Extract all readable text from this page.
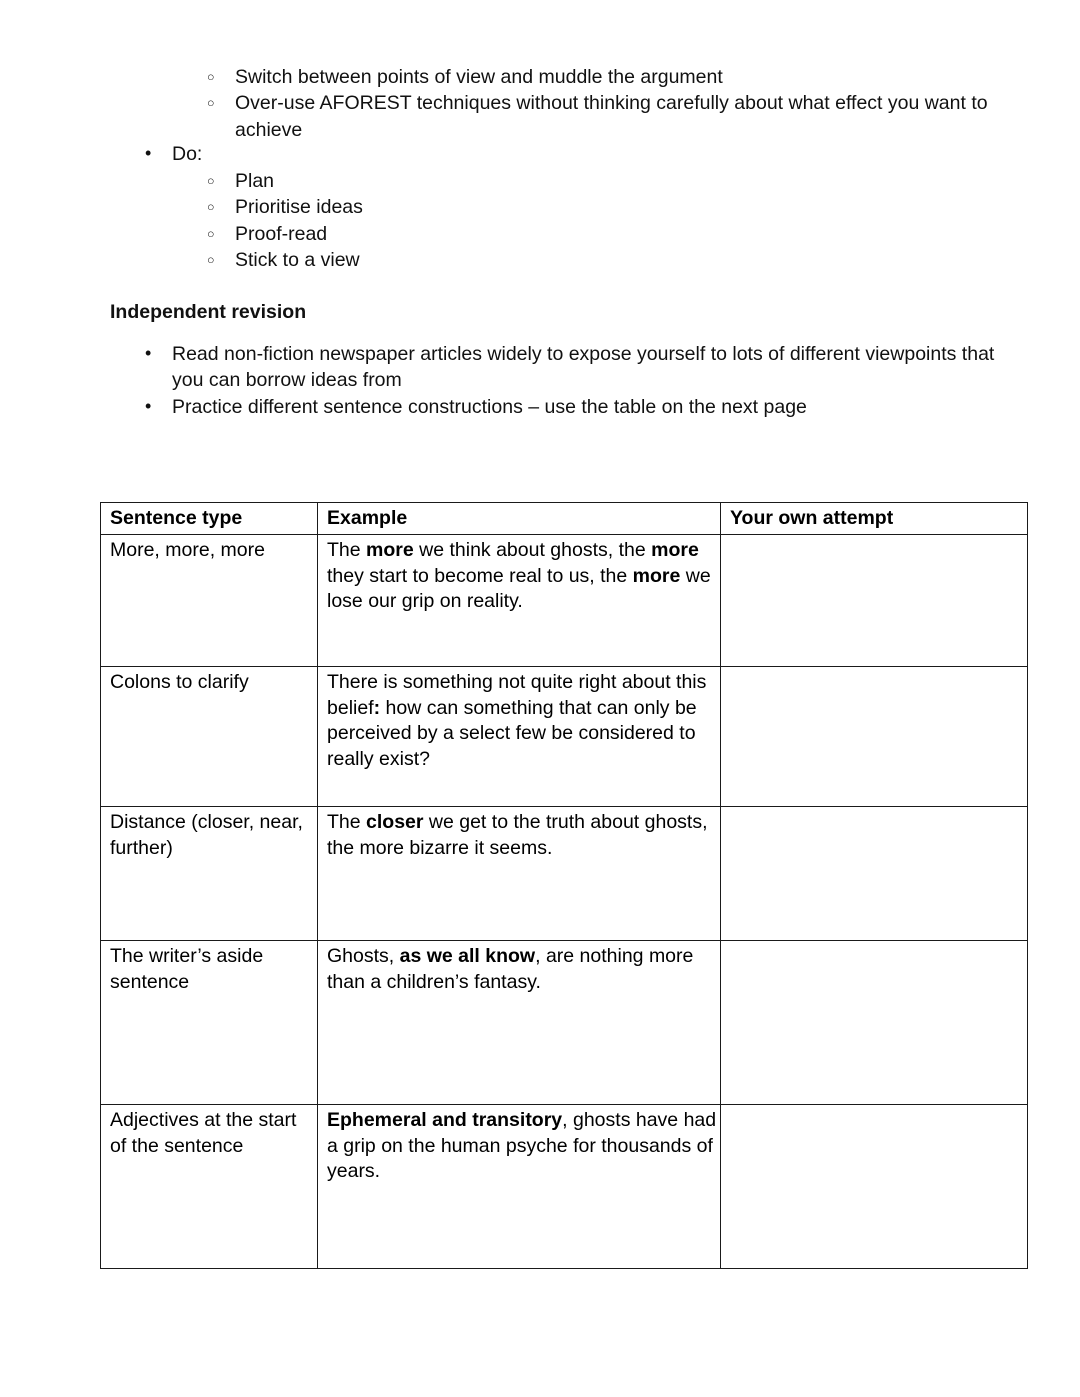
○ Switch between points of view and muddle the argument
○ Over-use AFOREST techniques without thinking carefully about what effect you want to achieve
• Do:
○ Plan
○ Prioritise ideas
○ Proof-read
○ Stick to a view
Independent revision
• Read non-fiction newspaper articles widely to expose yourself to lots of different viewpoints that you can borrow ideas from
• Practice different sentence constructions – use the table on the next page
Sentence type	Example	Your own attempt
More, more, more	The more we think about ghosts, the more they start to become real to us, the more we lose our grip on reality.	
Colons to clarify	There is something not quite right about this belief: how can something that can only be perceived by a select few be considered to really exist?	
Distance (closer, near, further)	The closer we get to the truth about ghosts, the more bizarre it seems.	
The writer’s aside sentence	Ghosts, as we all know, are nothing more than a children’s fantasy.	
Adjectives at the start of the sentence	Ephemeral and transitory, ghosts have had a grip on the human psyche for thousands of years.	
